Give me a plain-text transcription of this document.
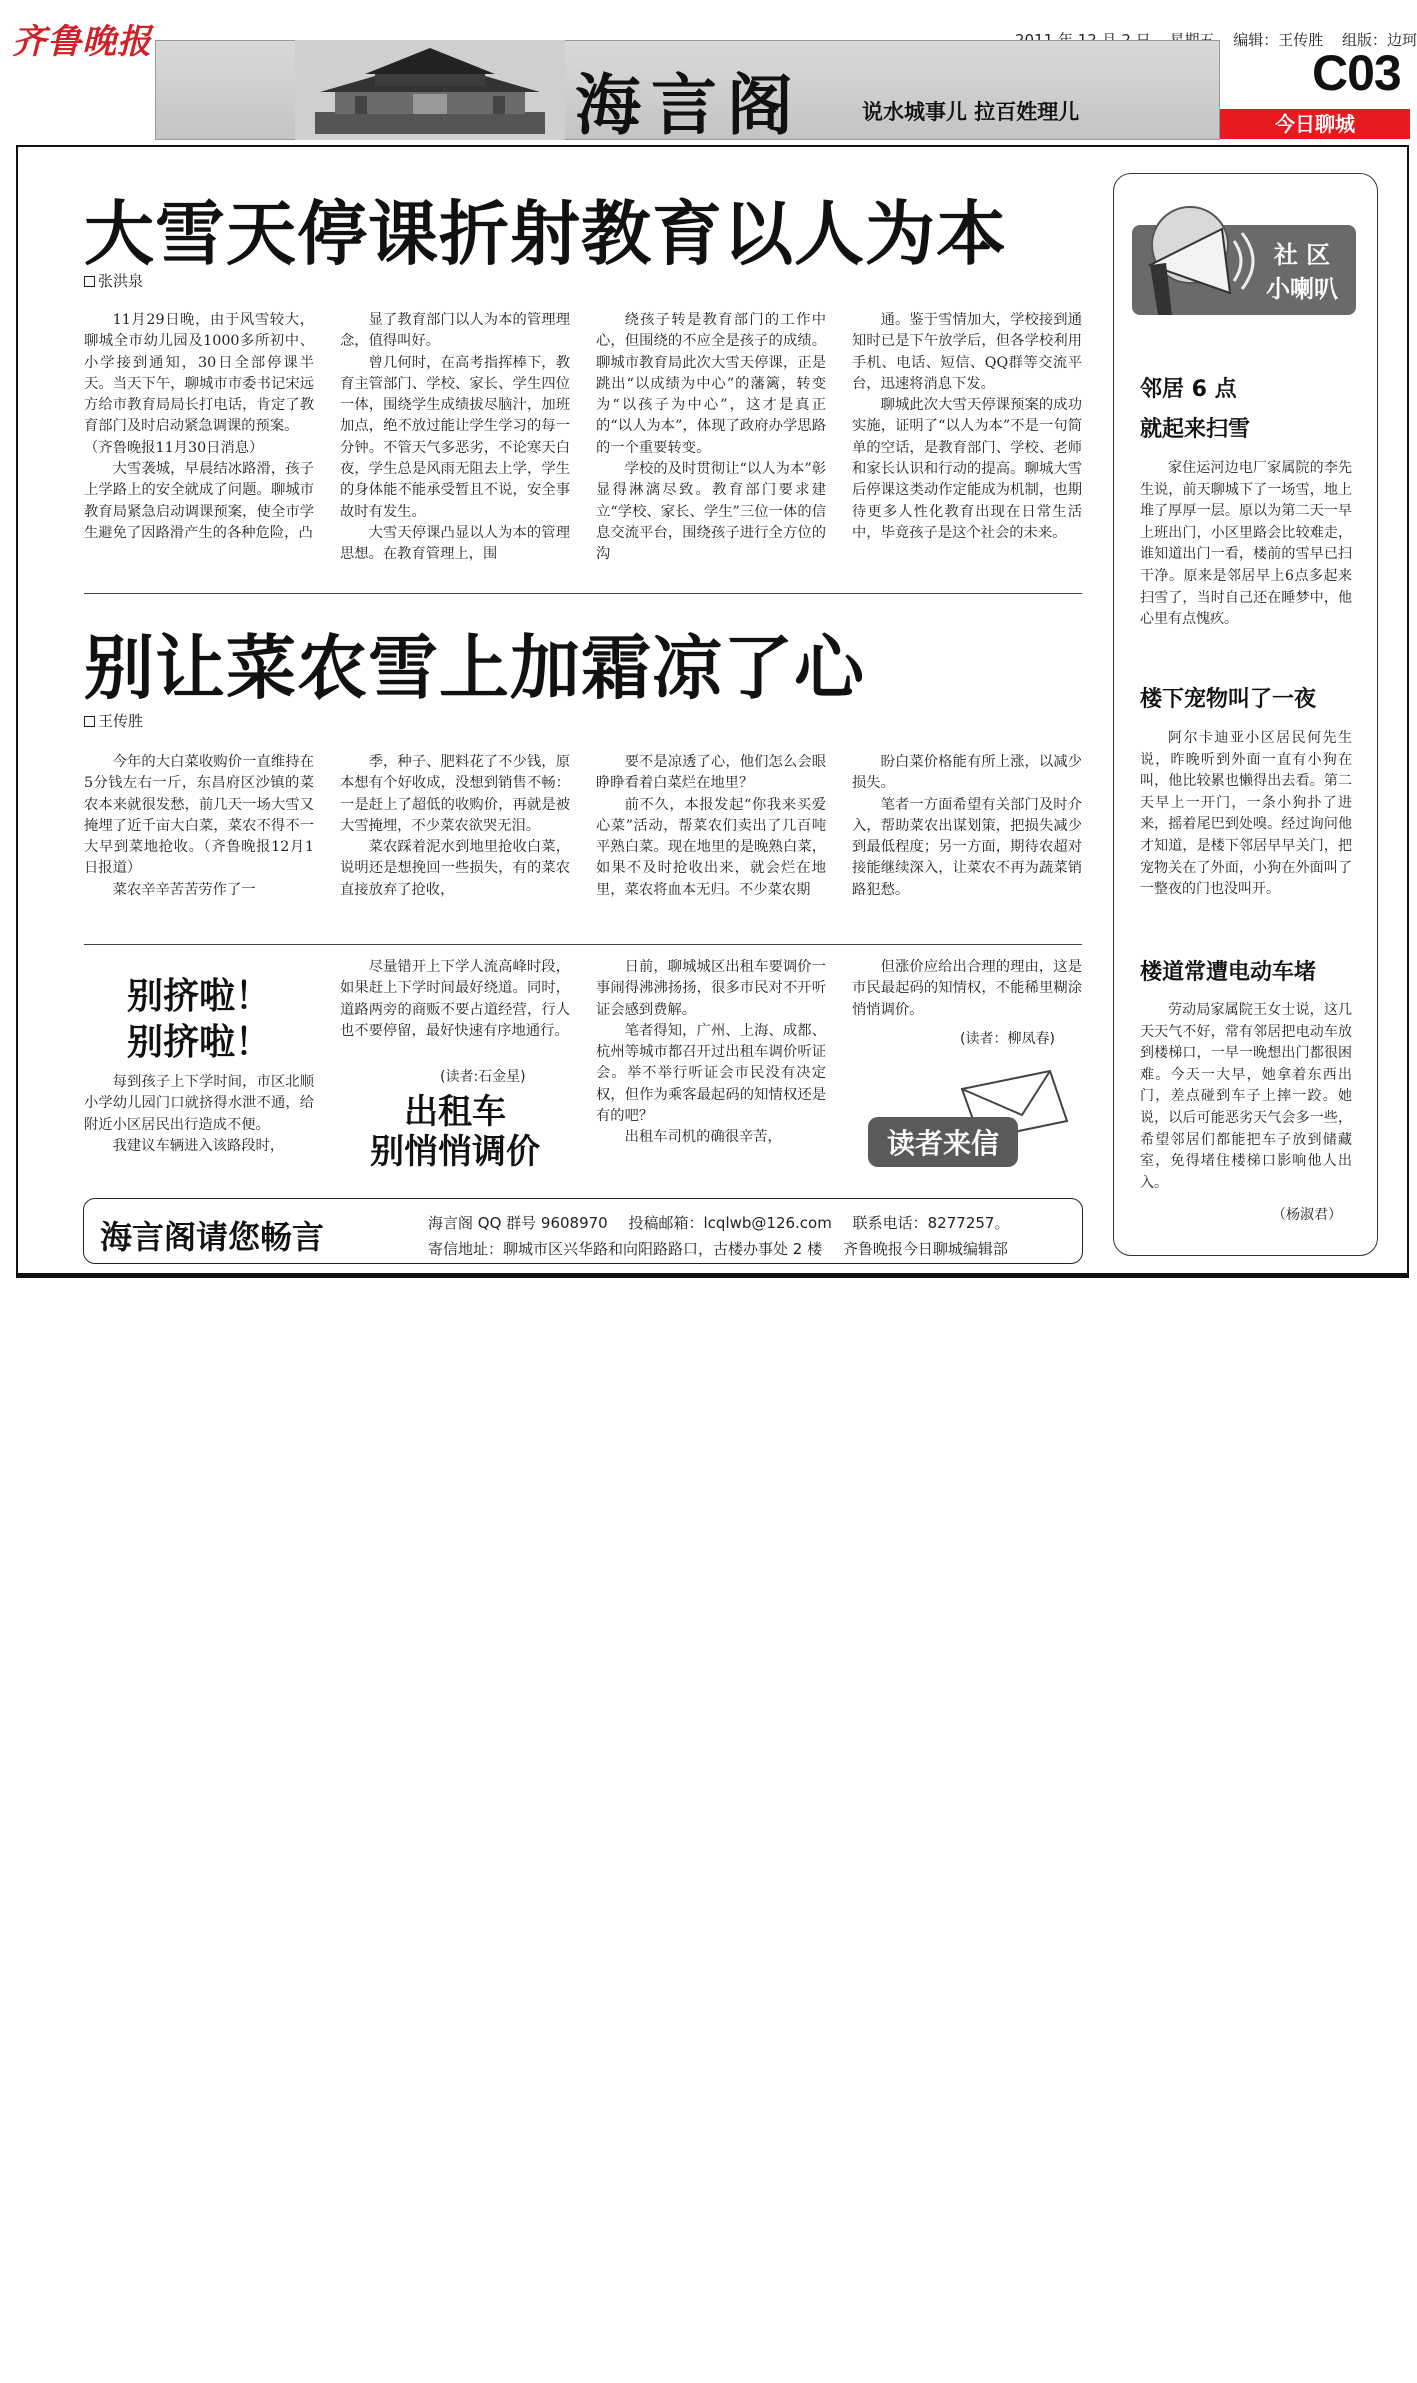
齐鲁晚报	编辑：王传胜 组版：边珂
海言阁	说水城事儿 拉百姓理儿
C03
今日聊城
大雪天停课折射教育以人为本
张洪泉

11月29日晚，由于风雪较大，聊城全市幼儿园及1000多所初中、小学接到通知，30日全部停课半天。当天下午，聊城市市委书记宋远方给市教育局局长打电话，肯定了教育部门及时启动紧急调课的预案。

（齐鲁晚报11月30日消息）

大雪袭城，早晨结冰路滑，孩子上学路上的安全就成了问题。聊城市教育局紧急启动调课预案，使全市学生避免了因路滑产生的各种危险，凸

显了教育部门以人为本的管理理念，值得叫好。

曾几何时，在高考指挥棒下，教育主管部门、学校、家长、学生四位一体，围绕学生成绩拔尽脑汁，加班加点，绝不放过能让学生学习的每一分钟。不管天气多恶劣，不论寒天白夜，学生总是风雨无阻去上学，学生的身体能不能承受暂且不说，安全事故时有发生。

大雪天停课凸显以人为本的管理思想。在教育管理上，围

绕孩子转是教育部门的工作中心，但围绕的不应全是孩子的成绩。聊城市教育局此次大雪天停课，正是跳出“以成绩为中心”的藩篱，转变为“以孩子为中心”，这才是真正的“以人为本”，体现了政府办学思路的一个重要转变。

学校的及时贯彻让“以人为本”彰显得淋漓尽致。教育部门要求建立“学校、家长、学生”三位一体的信息交流平台，围绕孩子进行全方位的沟

通。鉴于雪情加大，学校接到通知时已是下午放学后，但各学校利用手机、电话、短信、QQ群等交流平台，迅速将消息下发。

聊城此次大雪天停课预案的成功实施，证明了“以人为本”不是一句简单的空话，是教育部门、学校、老师和家长认识和行动的提高。聊城大雪后停课这类动作定能成为机制，也期待更多人性化教育出现在日常生活中，毕竟孩子是这个社会的未来。

别让菜农雪上加霜凉了心
王传胜

今年的大白菜收购价一直维持在5分钱左右一斤，东昌府区沙镇的菜农本来就很发愁，前几天一场大雪又掩埋了近千亩大白菜，菜农不得不一大早到菜地抢收。（齐鲁晚报12月1日报道）

菜农辛辛苦苦劳作了一

季，种子、肥料花了不少钱，原本想有个好收成，没想到销售不畅：一是赶上了超低的收购价，再就是被大雪掩埋，不少菜农欲哭无泪。

菜农踩着泥水到地里抢收白菜，说明还是想挽回一些损失，有的菜农直接放弃了抢收，

要不是凉透了心，他们怎么会眼睁睁看着白菜烂在地里？

前不久，本报发起“你我来买爱心菜”活动，帮菜农们卖出了几百吨平熟白菜。现在地里的是晚熟白菜，如果不及时抢收出来，就会烂在地里，菜农将血本无归。不少菜农期

盼白菜价格能有所上涨，以减少损失。

笔者一方面希望有关部门及时介入，帮助菜农出谋划策，把损失减少到最低程度；另一方面，期待农超对接能继续深入，让菜农不再为蔬菜销路犯愁。

别挤啦！
别挤啦！

每到孩子上下学时间，市区北顺小学幼儿园门口就挤得水泄不通，给附近小区居民出行造成不便。

我建议车辆进入该路段时，

尽量错开上下学人流高峰时段，如果赶上下学时间最好绕道。同时，道路两旁的商贩不要占道经营，行人也不要停留，最好快速有序地通行。

(读者:石金星)
出租车
别悄悄调价

日前，聊城城区出租车要调价一事闹得沸沸扬扬，很多市民对不开听证会感到费解。

笔者得知，广州、上海、成都、杭州等城市都召开过出租车调价听证会。举不举行听证会市民没有决定权，但作为乘客最起码的知情权还是有的吧？

出租车司机的确很辛苦，

但涨价应给出合理的理由，这是市民最起码的知情权，不能稀里糊涂悄悄调价。

(读者：柳凤春)
读者来信
海言阁请您畅言	海言阁 QQ 群号 9608970 投稿邮箱：lcqlwb@126.com 联系电话：8277257。
寄信地址：聊城市区兴华路和向阳路路口，古楼办事处 2 楼 齐鲁晚报今日聊城编辑部
社 区
小喇叭
邻居 6 点
就起来扫雪

家住运河边电厂家属院的李先生说，前天聊城下了一场雪，地上堆了厚厚一层。原以为第二天一早上班出门，小区里路会比较难走，谁知道出门一看，楼前的雪早已扫干净。原来是邻居早上6点多起来扫雪了，当时自己还在睡梦中，他心里有点愧疚。

楼下宠物叫了一夜

阿尔卡迪亚小区居民何先生说，昨晚听到外面一直有小狗在叫，他比较累也懒得出去看。第二天早上一开门，一条小狗扑了进来，摇着尾巴到处嗅。经过询问他才知道，是楼下邻居早早关门，把宠物关在了外面，小狗在外面叫了一整夜的门也没叫开。

楼道常遭电动车堵

劳动局家属院王女士说，这几天天气不好，常有邻居把电动车放到楼梯口，一早一晚想出门都很困难。今天一大早，她拿着东西出门，差点碰到车子上摔一跤。她说，以后可能恶劣天气会多一些，希望邻居们都能把车子放到储藏室，免得堵住楼梯口影响他人出入。

（杨淑君）
